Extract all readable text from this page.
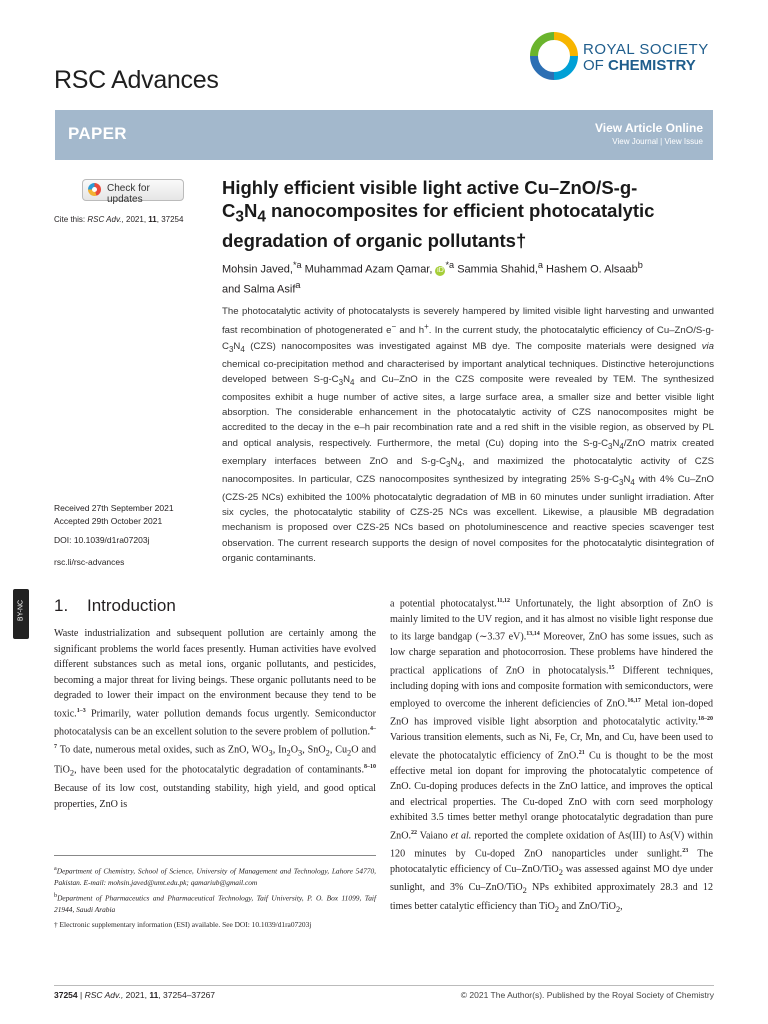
RSC Advances
ROYAL SOCIETY
OF CHEMISTRY
PAPER	View Article Online
View Journal | View Issue
Check for updates
Cite this: RSC Adv., 2021, 11, 37254
Received 27th September 2021
Accepted 29th October 2021
DOI: 10.1039/d1ra07203j
rsc.li/rsc-advances
BY-NC
Highly efficient visible light active Cu–ZnO/S-g-
$C_3N_4$ nanocomposites for efficient photocatalytic
degradation of organic pollutants†
Mohsin Javed,$^{*a}$ Muhammad Azam Qamar, $iD^{*a}$ Sammia Shahid,$^a$ Hashem O. Alsaab$^b$
and Salma Asif$^a$
The photocatalytic activity of photocatalysts is severely hampered by limited visible light harvesting and unwanted fast recombination of photogenerated e− and h+. In the current study, the photocatalytic efficiency of $Cu-ZnO/S-g-C_3N_4$ (CZS) nanocomposites was investigated against MB dye. The composite materials were designed via chemical co-precipitation method and characterised by important analytical techniques. Distinctive heterojunctions developed between $S-g-C_3N_4$ and Cu–ZnO in the CZS composite were revealed by TEM. The synthesized composites exhibit a huge number of active sites, a large surface area, a smaller size and better visible light absorption. The considerable enhancement in the photocatalytic activity of CZS nanocomposites might be accredited to the decay in the e–h pair recombination rate and a red shift in the visible region, as observed by PL and optical analysis, respectively. Furthermore, the metal (Cu) doping into the $S-g-C_3N_4$/ZnO matrix created exemplary interfaces between ZnO and $S-g-C_3N_4$, and maximized the photocatalytic activity of CZS nanocomposites. In particular, CZS nanocomposites synthesized by integrating 25% $S-g-C_3N_4$ with 4% Cu–ZnO (CZS-25 NCs) exhibited the 100% photocatalytic degradation of MB in 60 minutes under sunlight irradiation. After six cycles, the photocatalytic stability of CZS-25 NCs was excellent. Likewise, a plausible MB degradation mechanism is proposed over CZS-25 NCs based on photoluminescence and reactive species scavenger test observation. The current research supports the design of novel composites for the photocatalytic disintegration of organic contaminants.
1. Introduction
Waste industrialization and subsequent pollution are certainly among the significant problems the world faces presently. Human activities have evolved different substances such as metal ions, organic pollutants, and pesticides, becoming a major threat for living beings. These organic pollutants need to be degraded to lower their impact on the environment because they tend to be toxic.$^{1-3}$ Primarily, water pollution demands focus urgently. Semiconductor photocatalysis can be an excellent solution to the severe problem of pollution.$^{4-7}$ To date, numerous metal oxides, such as ZnO, $WO_3$, $In_2O_3$, SnO$_2$, $Cu_2O$ and TiO$_2$, have been used for the photocatalytic degradation of contaminants.$^{8-10}$ Because of its low cost, outstanding stability, high yield, and good optical properties, ZnO is
a potential photocatalyst.$^{11,12}$ Unfortunately, the light absorption of ZnO is mainly limited to the UV region, and it has almost no visible light response due to its large bandgap (∼3.37 eV).$^{13,14}$ Moreover, ZnO has some issues, such as low charge separation and photocorrosion. These problems have hindered the practical applications of ZnO in photocatalysis.$^{15}$ Different techniques, including doping with ions and composite formation with semiconductors, were employed to overcome the inherent deficiencies of ZnO.$^{16,17}$ Metal ion-doped ZnO has improved visible light absorption and photocatalytic activity.$^{18-20}$ Various transition elements, such as Ni, Fe, Cr, Mn, and Cu, have been used to elevate the photocatalytic efficiency of ZnO.$^{21}$ Cu is thought to be the most effective metal ion dopant for improving the photocatalytic competence of ZnO. Cu-doping produces defects in the ZnO lattice, and improves the optical and electrical properties. The Cu-doped ZnO with corn seed morphology exhibited 3.5 times better methyl orange photocatalytic degradation than pure ZnO.$^{22}$ Vaiano et al. reported the complete oxidation of As(III) to As(V) within 120 minutes by Cu-doped ZnO nanoparticles under sunlight.$^{23}$ The photocatalytic efficiency of Cu–ZnO/TiO$_2$ was assessed against MO dye under sunlight, and 3% Cu–ZnO/TiO$_2$ NPs exhibited approximately 28.3 and 12 times better catalytic efficiency than TiO$_2$ and ZnO/TiO$_2$,
$^a$Department of Chemistry, School of Science, University of Management and Technology, Lahore 54770, Pakistan. E-mail: mohsin.javed@umt.edu.pk; qamariub@gmail.com
$^b$Department of Pharmaceutics and Pharmaceutical Technology, Taif University, P. O. Box 11099, Taif 21944, Saudi Arabia
† Electronic supplementary information (ESI) available. See DOI: 10.1039/d1ra07203j
37254 | RSC Adv., 2021, 11, 37254–37267	© 2021 The Author(s). Published by the Royal Society of Chemistry
